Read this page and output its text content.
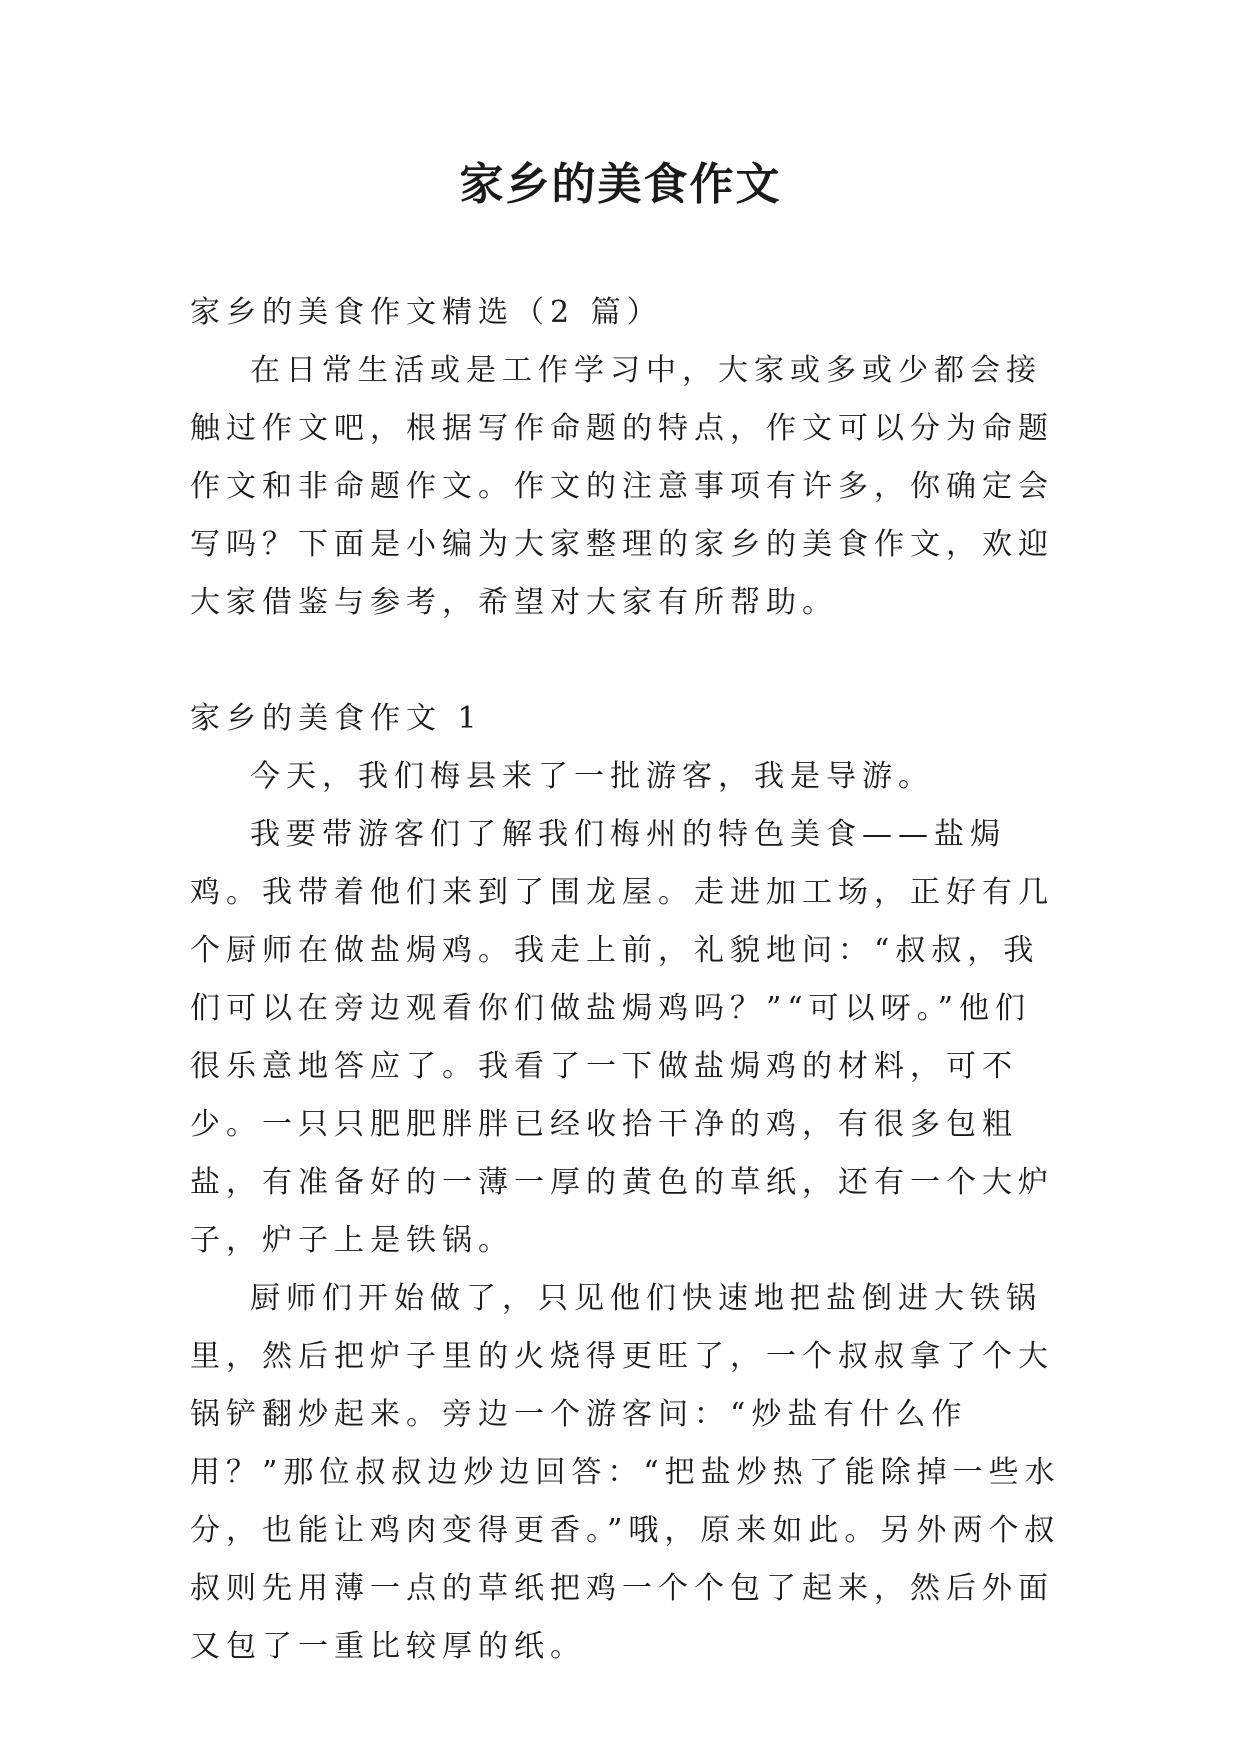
家乡的美食作文

家乡的美食作文精选（2 篇）

在日常生活或是工作学习中，大家或多或少都会接触过作文吧，根据写作命题的特点，作文可以分为命题作文和非命题作文。作文的注意事项有许多，你确定会写吗？下面是小编为大家整理的家乡的美食作文，欢迎大家借鉴与参考，希望对大家有所帮助。

家乡的美食作文 1

今天，我们梅县来了一批游客，我是导游。

我要带游客们了解我们梅州的特色美食——盐焗鸡。我带着他们来到了围龙屋。走进加工场，正好有几个厨师在做盐焗鸡。我走上前，礼貌地问：“叔叔，我们可以在旁边观看你们做盐焗鸡吗？”“可以呀。”他们很乐意地答应了。我看了一下做盐焗鸡的材料，可不少。一只只肥肥胖胖已经收拾干净的鸡，有很多包粗盐，有准备好的一薄一厚的黄色的草纸，还有一个大炉子，炉子上是铁锅。

厨师们开始做了，只见他们快速地把盐倒进大铁锅里，然后把炉子里的火烧得更旺了，一个叔叔拿了个大锅铲翻炒起来。旁边一个游客问：“炒盐有什么作用？”那位叔叔边炒边回答：“把盐炒热了能除掉一些水分，也能让鸡肉变得更香。”哦，原来如此。另外两个叔叔则先用薄一点的草纸把鸡一个个包了起来，然后外面又包了一重比较厚的纸。
